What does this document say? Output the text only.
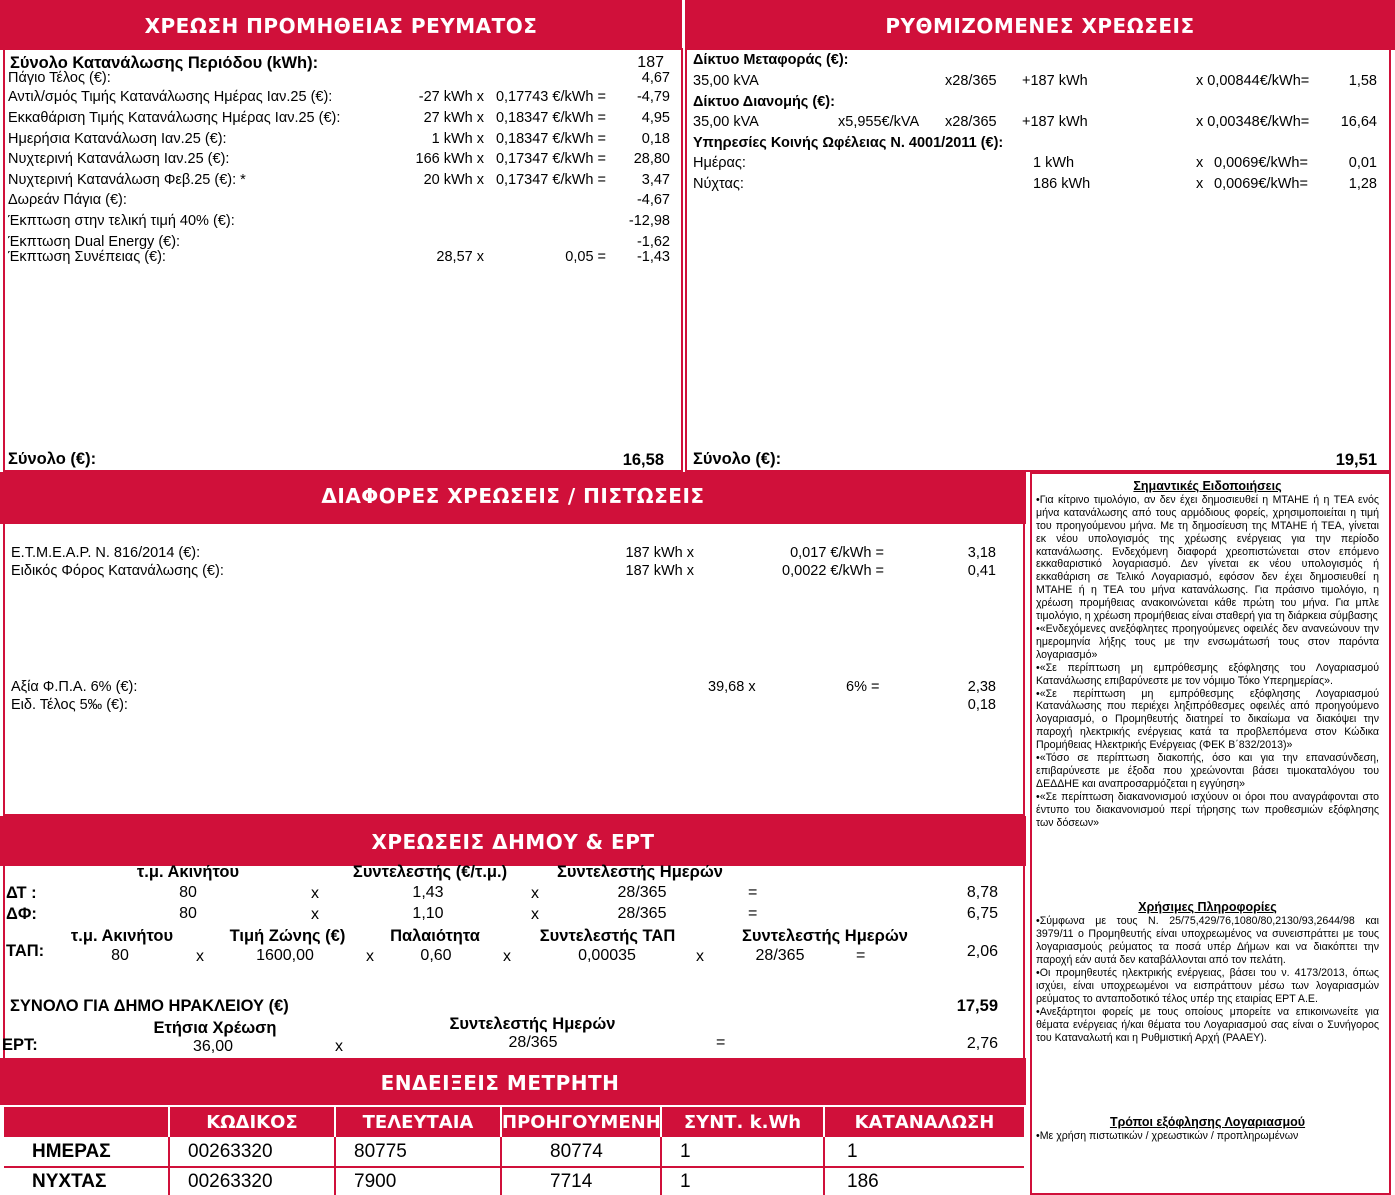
ΧΡΕΩΣΗ ΠΡΟΜΗΘΕΙΑΣ ΡΕΥΜΑΤΟΣ	ΡΥΘΜΙΖΟΜΕΝΕΣ ΧΡΕΩΣΕΙΣ
Σύνολο Κατανάλωσης Περιόδου (kWh):	187
Πάγιο Τέλος (€):	4,67
Αντιλ/σμός Τιμής Κατανάλωσης Ημέρας Ιαν.25 (€):	-27 kWh x 0,17743 €/kWh =	-4,79
Εκκαθάριση Τιμής Κατανάλωσης Ημέρας Ιαν.25 (€):	27 kWh x 0,18347 €/kWh =	4,95
Ημερήσια Κατανάλωση Ιαν.25 (€):	1 kWh x 0,18347 €/kWh =	0,18
Νυχτερινή Κατανάλωση Ιαν.25 (€):	166 kWh x 0,17347 €/kWh =	28,80
Νυχτερινή Κατανάλωση Φεβ.25 (€): *	20 kWh x 0,17347 €/kWh =	3,47
Δωρεάν Πάγια (€):	-4,67
Έκπτωση στην τελική τιμή 40% (€):	-12,98
Έκπτωση Dual Energy (€):	-1,62
Έκπτωση Συνέπειας (€):	28,57 x	0,05 =	-1,43
Σύνολο (€):	16,58
Δίκτυο Μεταφοράς (€):
35,00 kVA	x28/365 +187 kWh	x 0,00844€/kWh=	1,58
Δίκτυο Διανομής (€):
35,00 kVA	x5,955€/kVA x28/365 +187 kWh	x 0,00348€/kWh=	16,64
Υπηρεσίες Κοινής Ωφέλειας Ν. 4001/2011 (€):
Ημέρας:	1 kWh	x 0,0069€/kWh=	0,01
Νύχτας:	186 kWh	x 0,0069€/kWh=	1,28
Σύνολο (€):	19,51
ΔΙΑΦΟΡΕΣ ΧΡΕΩΣΕΙΣ / ΠΙΣΤΩΣΕΙΣ
Ε.Τ.Μ.Ε.Α.Ρ. Ν. 816/2014 (€):	187 kWh x	0,017 €/kWh =	3,18
Ειδικός Φόρος Κατανάλωσης (€):	187 kWh x	0,0022 €/kWh =	0,41
Αξία Φ.Π.Α. 6% (€):	39,68 x	6% =	2,38
Ειδ. Τέλος 5‰ (€):	0,18
ΧΡΕΩΣΕΙΣ ΔΗΜΟΥ & ΕΡΤ
τ.μ. Ακινήτου	Συντελεστής (€/τ.μ.)	Συντελεστής Ημερών
ΔΤ :	80	x	1,43	x	28/365	=	8,78
ΔΦ:	80	x	1,10	x	28/365	=	6,75
τ.μ. Ακινήτου	Τιμή Ζώνης (€)	Παλαιότητα	Συντελεστής ΤΑΠ	Συντελεστής Ημερών
ΤΑΠ:	80	x	1600,00	x	0,60	x	0,00035	x	28/365	=	2,06
ΣΥΝΟΛΟ ΓΙΑ ΔΗΜΟ ΗΡΑΚΛΕΙΟΥ (€)	17,59
Ετήσια Χρέωση	Συντελεστής Ημερών
ΕΡΤ:	36,00	x	28/365	=	2,76
ΕΝΔΕΙΞΕΙΣ ΜΕΤΡΗΤΗ
	ΚΩΔΙΚΟΣ	ΤΕΛΕΥΤΑΙΑ	ΠΡΟΗΓΟΥΜΕΝΗ	ΣΥΝΤ. k.Wh	ΚΑΤΑΝΑΛΩΣΗ
ΗΜΕΡΑΣ	00263320	80775	80774	1	1
ΝΥΧΤΑΣ	00263320	7900	7714	1	186
Σημαντικές Ειδοποιήσεις

•Για κίτρινο τιμολόγιο, αν δεν έχει δημοσιευθεί η ΜΤΑΗΕ ή η ΤΕΑ ενός μήνα κατανάλωσης από τους αρμόδιους φορείς, χρησιμοποιείται η τιμή του προηγούμενου μήνα. Με τη δημοσίευση της ΜΤΑΗΕ ή ΤΕΑ, γίνεται εκ νέου υπολογισμός της χρέωσης ενέργειας για την περίοδο κατανάλωσης. Ενδεχόμενη διαφορά χρεοπιστώνεται στον επόμενο εκκαθαριστικό λογαριασμό. Δεν γίνεται εκ νέου υπολογισμός ή εκκαθάριση σε Τελικό Λογαριασμό, εφόσον δεν έχει δημοσιευθεί η ΜΤΑΗΕ ή η ΤΕΑ του μήνα κατανάλωσης. Για πράσινο τιμολόγιο, η χρέωση προμήθειας ανακοινώνεται κάθε πρώτη του μήνα. Για μπλε τιμολόγιο, η χρέωση προμήθειας είναι σταθερή για τη διάρκεια σύμβασης

•«Ενδεχόμενες ανεξόφλητες προηγούμενες οφειλές δεν ανανεώνουν την ημερομηνία λήξης τους με την ενσωμάτωσή τους στον παρόντα λογαριασμό»

•«Σε περίπτωση μη εμπρόθεσμης εξόφλησης του Λογαριασμού Κατανάλωσης επιβαρύνεστε με τον νόμιμο Τόκο Υπερημερίας».

•«Σε περίπτωση μη εμπρόθεσμης εξόφλησης Λογαριασμού Κατανάλωσης που περιέχει ληξιπρόθεσμες οφειλές από προηγούμενο λογαριασμό, ο Προμηθευτής διατηρεί το δικαίωμα να διακόψει την παροχή ηλεκτρικής ενέργειας κατά τα προβλεπόμενα στον Κώδικα Προμήθειας Ηλεκτρικής Ενέργειας (ΦΕΚ Β΄832/2013)»

•«Τόσο σε περίπτωση διακοπής, όσο και για την επανασύνδεση, επιβαρύνεστε με έξοδα που χρεώνονται βάσει τιμοκαταλόγου του ΔΕΔΔΗΕ και αναπροσαρμόζεται η εγγύηση»

•«Σε περίπτωση διακανονισμού ισχύουν οι όροι που αναγράφονται στο έντυπο του διακανονισμού περί τήρησης των προθεσμιών εξόφλησης των δόσεων»

Χρήσιμες Πληροφορίες

•Σύμφωνα με τους Ν. 25/75,429/76,1080/80,2130/93,2644/98 και 3979/11 ο Προμηθευτής είναι υποχρεωμένος να συνεισπράττει με τους λογαριασμούς ρεύματος τα ποσά υπέρ Δήμων και να διακόπτει την παροχή εάν αυτά δεν καταβάλλονται από τον πελάτη.

•Οι προμηθευτές ηλεκτρικής ενέργειας, βάσει του ν. 4173/2013, όπως ισχύει, είναι υποχρεωμένοι να εισπράττουν μέσω των λογαριασμών ρεύματος το ανταποδοτικό τέλος υπέρ της εταιρίας ΕΡΤ Α.Ε.

•Ανεξάρτητοι φορείς με τους οποίους μπορείτε να επικοινωνείτε για θέματα ενέργειας ή/και θέματα του Λογαριασμού σας είναι ο Συνήγορος του Καταναλωτή και η Ρυθμιστική Αρχή (ΡΑΑΕΥ).

Τρόποι εξόφλησης Λογαριασμού

•Με χρήση πιστωτικών / χρεωστικών / προπληρωμένων
